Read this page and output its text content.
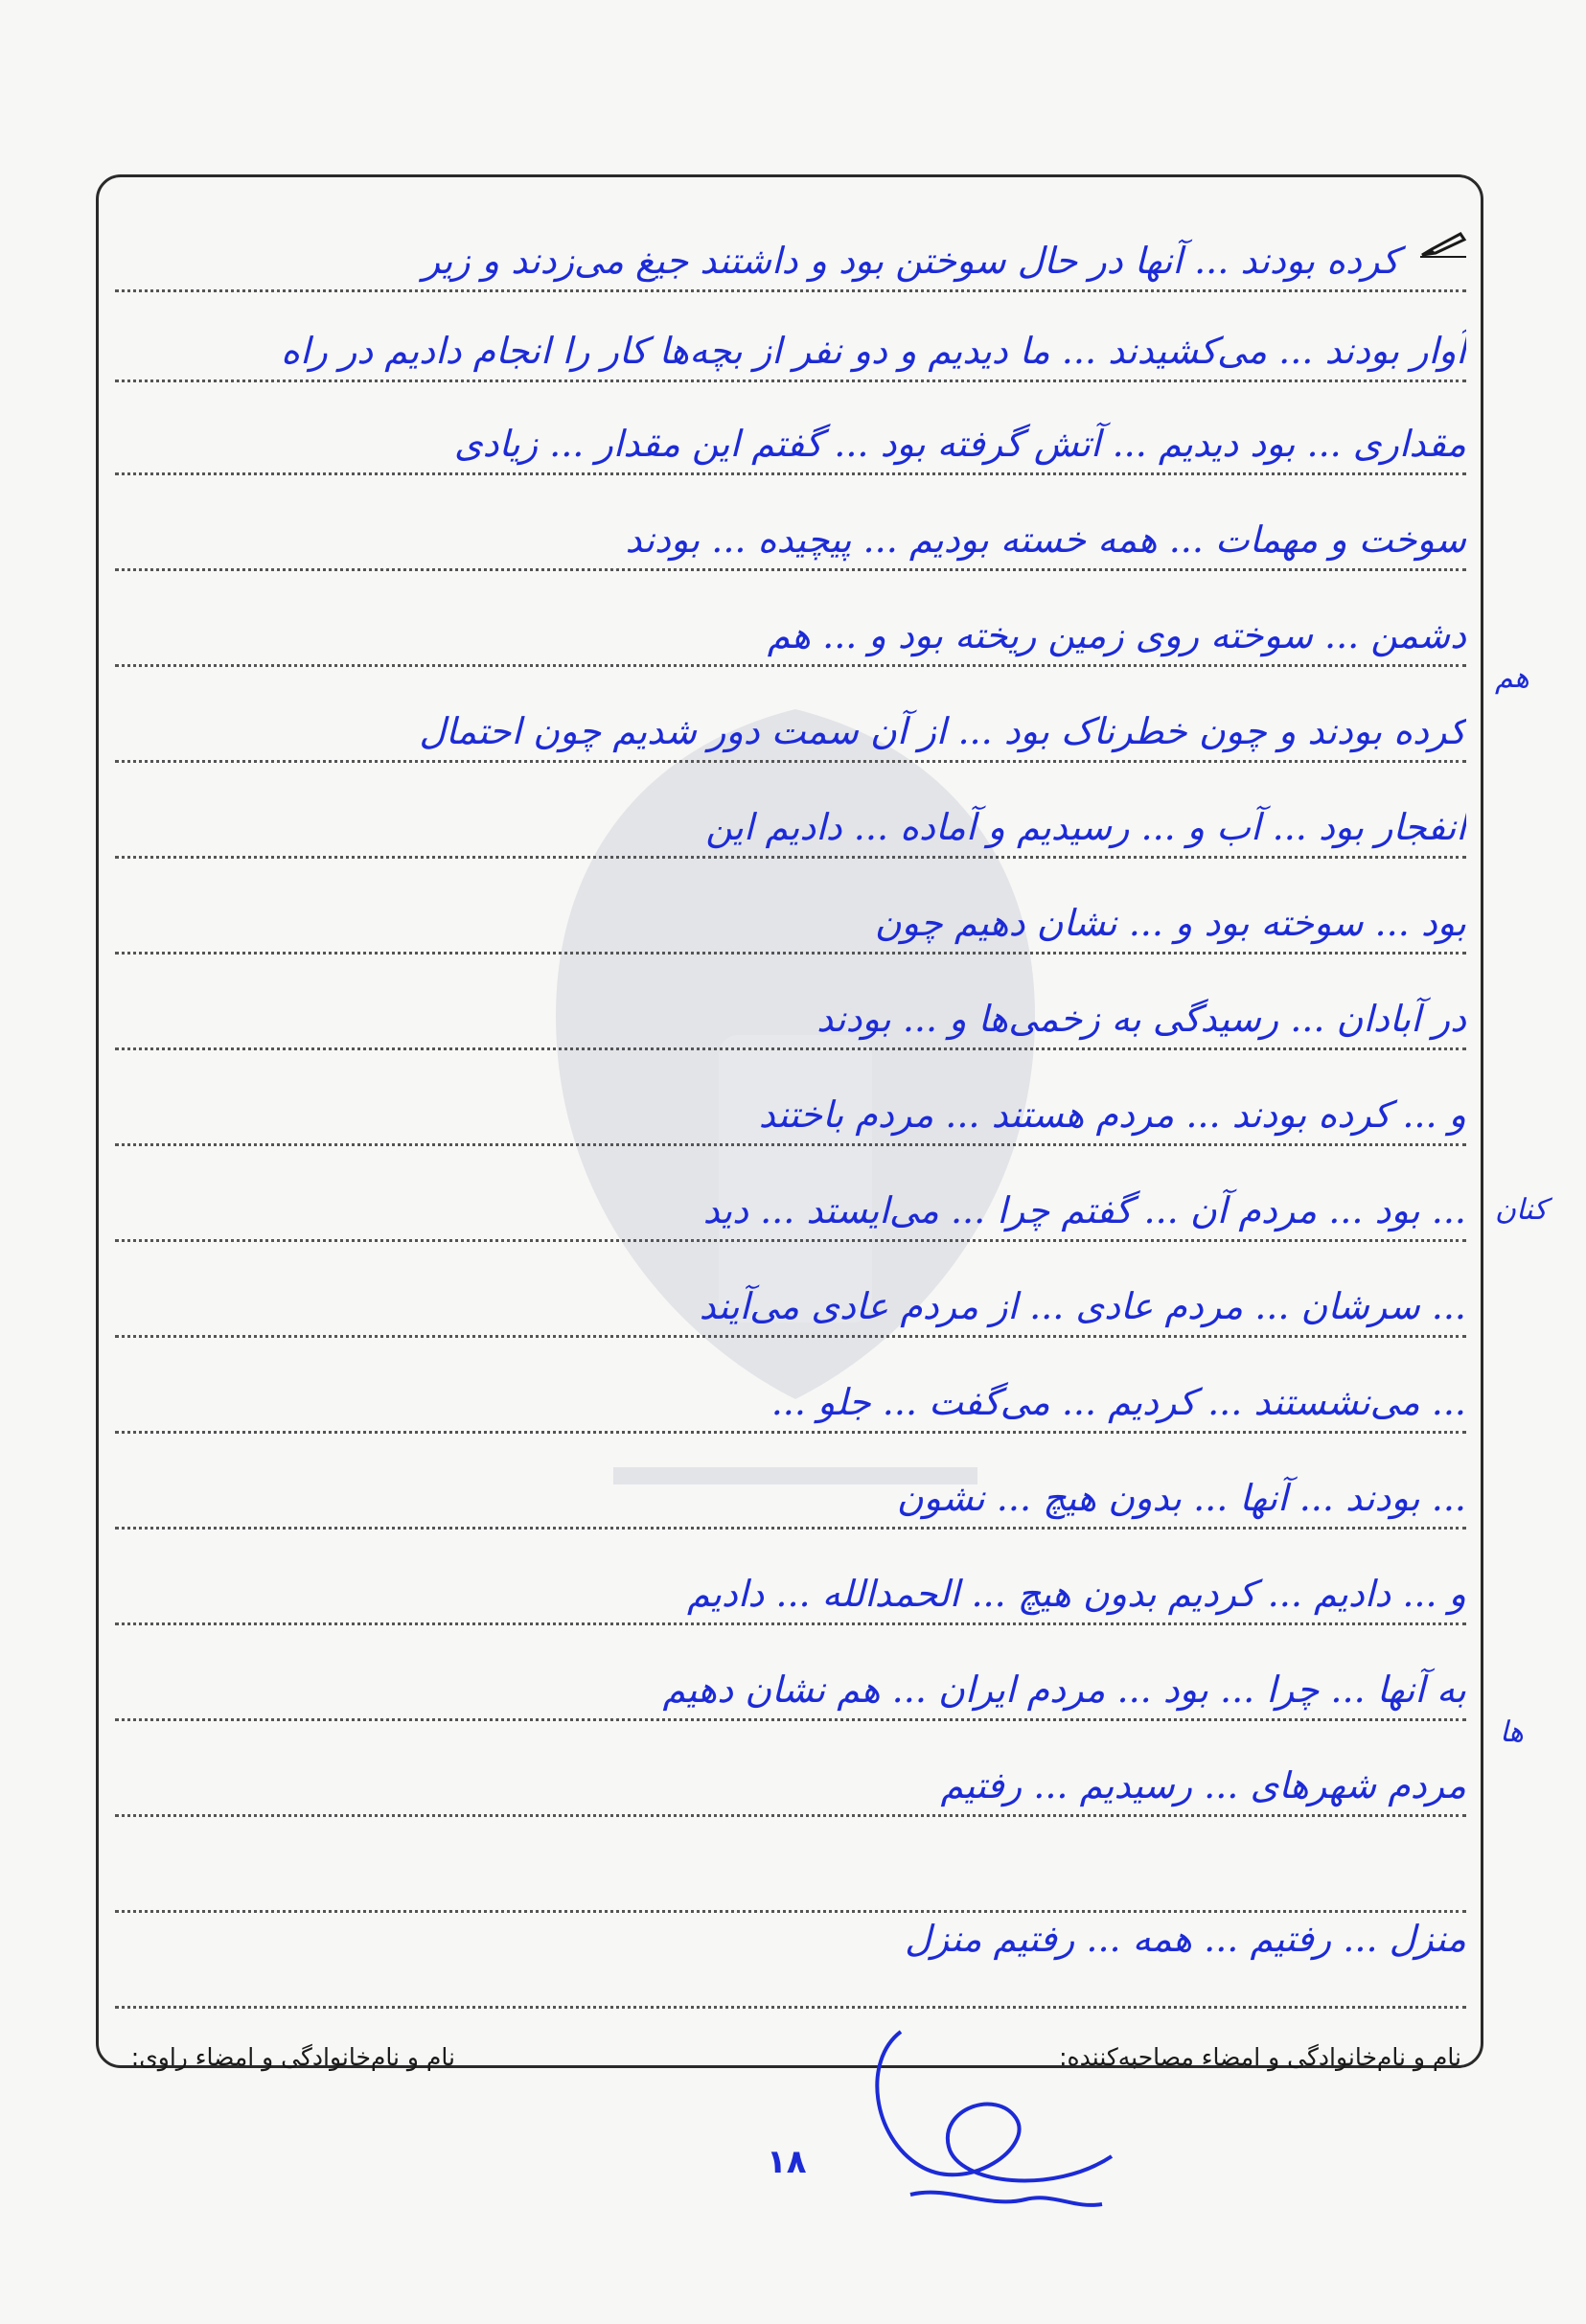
کرده بودند ... آنها در حال سوختن بود و داشتند جیغ می‌زدند و زیر
آوار بودند ... می‌کشیدند ... ما دیدیم و دو نفر از بچه‌ها کار را انجام دادیم در راه
مقداری ... بود دیدیم ... آتش گرفته بود ... گفتم این مقدار ... زیادی
سوخت و مهمات ... همه خسته بودیم ... پیچیده ... بودند
دشمن ... سوخته روی زمین ریخته بود و ... هم
کرده بودند و چون خطرناک بود ... از آن سمت دور شدیم چون احتمال
انفجار بود ... آب و ... رسیدیم و آماده ... دادیم این
بود ... سوخته بود و ... نشان دهیم چون
در آبادان ... رسیدگی به زخمی‌ها و ... بودند
و ... کرده بودند ... مردم هستند ... مردم باختند
... بود ... مردم آن ... گفتم چرا ... می‌ایستد ... دید
... سرشان ... مردم عادی ... از مردم عادی می‌آیند
... می‌نشستند ... کردیم ... می‌گفت ... جلو ...
... بودند ... آنها ... بدون هیچ ... نشون
و ... دادیم ... کردیم بدون هیچ ... الحمدالله ... دادیم
به آنها ... چرا ... بود ... مردم ایران ... هم نشان دهیم
مردم شهرهای ... رسیدیم ... رفتیم
منزل ... رفتیم ... همه ... رفتیم منزل
هم
کنان
ها
نام و نام‌خانوادگی و امضاء مصاحبه‌کننده:
نام و نام‌خانوادگی و امضاء راوی:
۱۸
